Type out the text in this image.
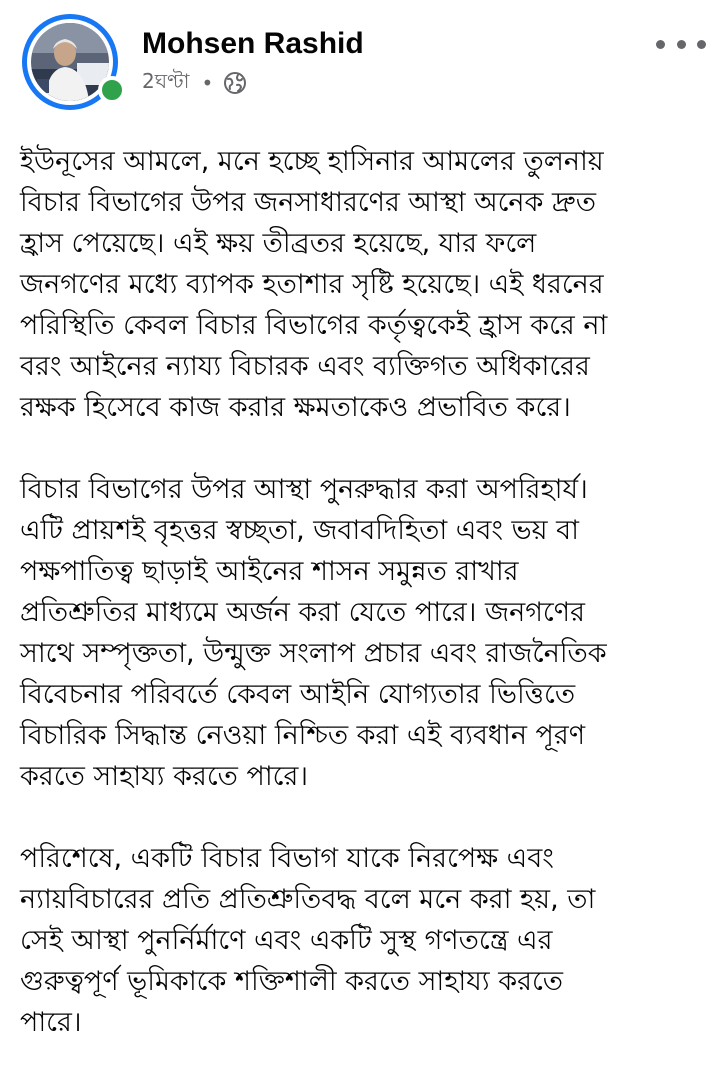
Mohsen Rashid
2ঘণ্টা •

ইউনূসের আমলে, মনে হচ্ছে হাসিনার আমলের তুলনায়
বিচার বিভাগের উপর জনসাধারণের আস্থা অনেক দ্রুত
হ্রাস পেয়েছে। এই ক্ষয় তীব্রতর হয়েছে, যার ফলে
জনগণের মধ্যে ব্যাপক হতাশার সৃষ্টি হয়েছে। এই ধরনের
পরিস্থিতি কেবল বিচার বিভাগের কর্তৃত্বকেই হ্রাস করে না
বরং আইনের ন্যায্য বিচারক এবং ব্যক্তিগত অধিকারের
রক্ষক হিসেবে কাজ করার ক্ষমতাকেও প্রভাবিত করে।

বিচার বিভাগের উপর আস্থা পুনরুদ্ধার করা অপরিহার্য।
এটি প্রায়শই বৃহত্তর স্বচ্ছতা, জবাবদিহিতা এবং ভয় বা
পক্ষপাতিত্ব ছাড়াই আইনের শাসন সমুন্নত রাখার
প্রতিশ্রুতির মাধ্যমে অর্জন করা যেতে পারে। জনগণের
সাথে সম্পৃক্ততা, উন্মুক্ত সংলাপ প্রচার এবং রাজনৈতিক
বিবেচনার পরিবর্তে কেবল আইনি যোগ্যতার ভিত্তিতে
বিচারিক সিদ্ধান্ত নেওয়া নিশ্চিত করা এই ব্যবধান পূরণ
করতে সাহায্য করতে পারে।

পরিশেষে, একটি বিচার বিভাগ যাকে নিরপেক্ষ এবং
ন্যায়বিচারের প্রতি প্রতিশ্রুতিবদ্ধ বলে মনে করা হয়, তা
সেই আস্থা পুনর্নির্মাণে এবং একটি সুস্থ গণতন্ত্রে এর
গুরুত্বপূর্ণ ভূমিকাকে শক্তিশালী করতে সাহায্য করতে
পারে।
